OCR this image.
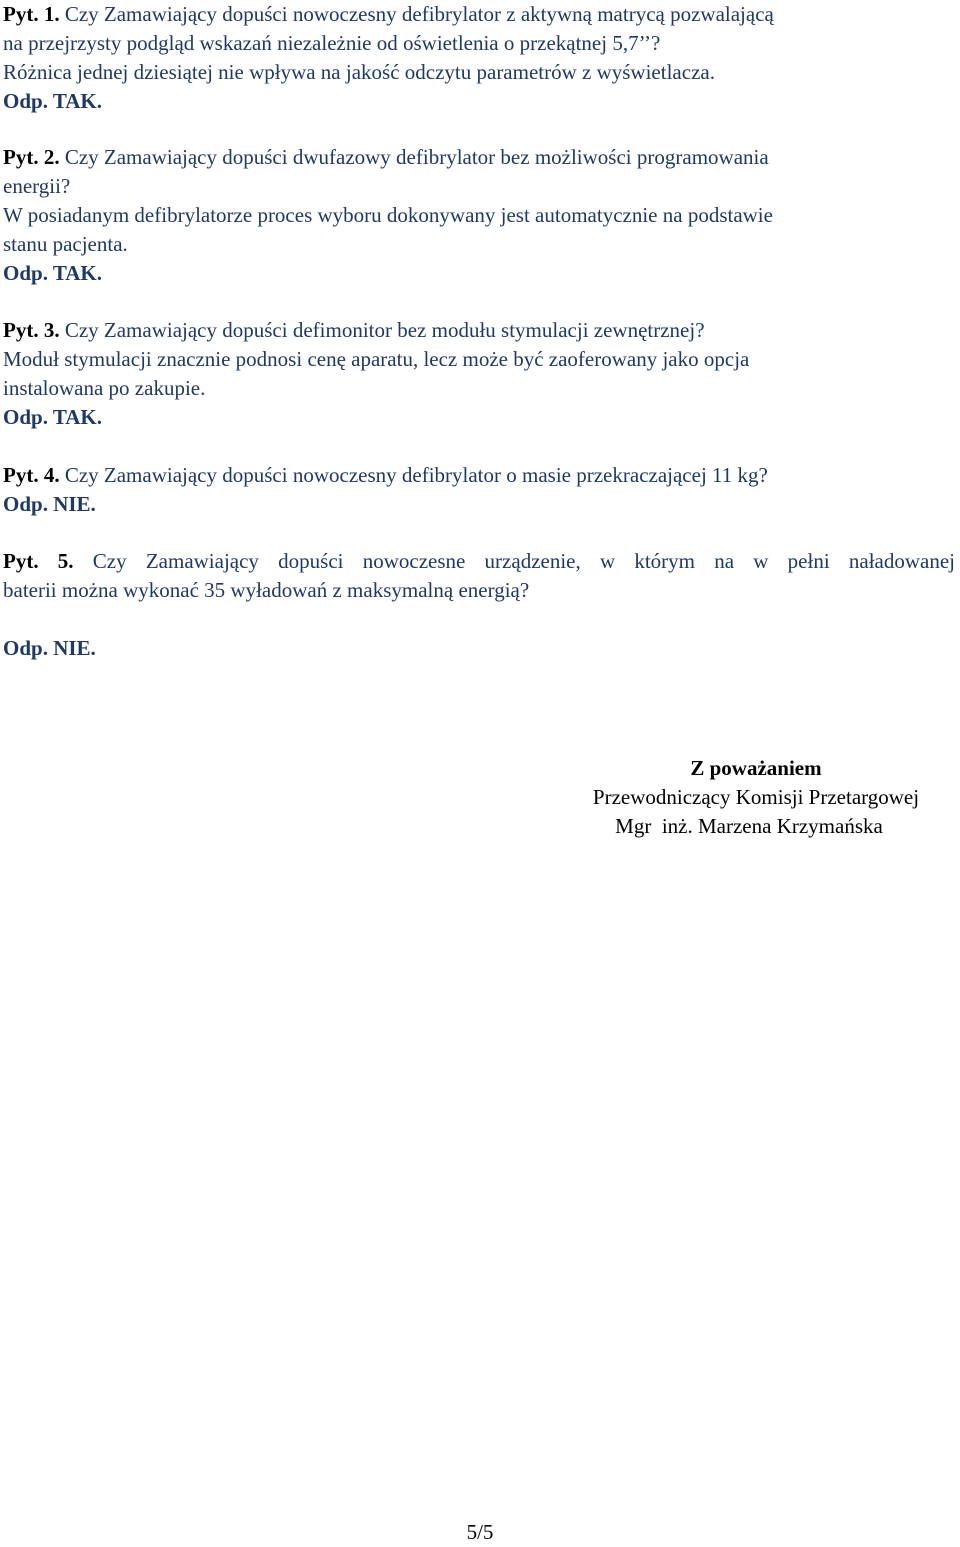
Pyt. 1. Czy Zamawiający dopuści nowoczesny defibrylator z aktywną matrycą pozwalającą
na przejrzysty podgląd wskazań niezależnie od oświetlenia o przekątnej 5,7’’?

Różnica jednej dziesiątej nie wpływa na jakość odczytu parametrów z wyświetlacza.

Odp. TAK.

Pyt. 2. Czy Zamawiający dopuści dwufazowy defibrylator bez możliwości programowania
energii?

W posiadanym defibrylatorze proces wyboru dokonywany jest automatycznie na podstawie
stanu pacjenta.

Odp. TAK.

Pyt. 3. Czy Zamawiający dopuści defimonitor bez modułu stymulacji zewnętrznej?

Moduł stymulacji znacznie podnosi cenę aparatu, lecz może być zaoferowany jako opcja
instalowana po zakupie.

Odp. TAK.

Pyt. 4. Czy Zamawiający dopuści nowoczesny defibrylator o masie przekraczającej 11 kg?

Odp. NIE.

Pyt. 5. Czy Zamawiający dopuści nowoczesne urządzenie, w którym na w pełni naładowanej

baterii można wykonać 35 wyładowań z maksymalną energią?

Odp. NIE.

Z poważaniem

Przewodniczący Komisji Przetargowej

Mgr  inż. Marzena Krzymańska

5/5
